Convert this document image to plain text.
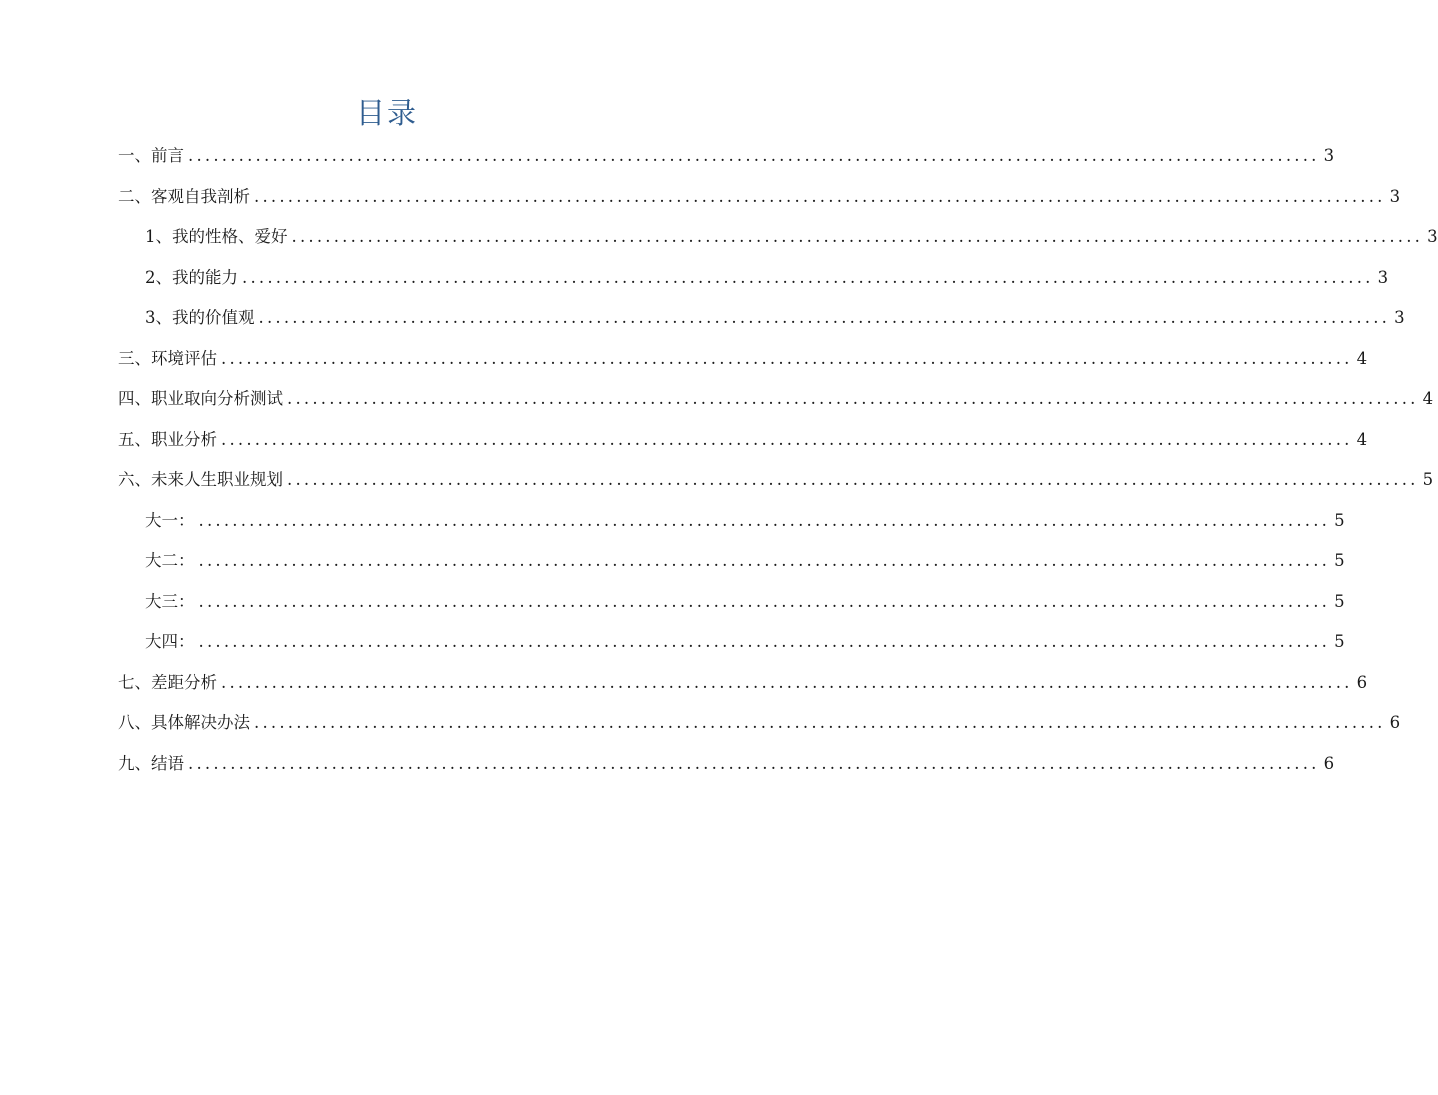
目录
一、前言 ...................................................................................................................................... 3
二、客观自我剖析 ...................................................................................................................................... 3
1、我的性格、爱好 ...................................................................................................................................... 3
2、我的能力 ...................................................................................................................................... 3
3、我的价值观 ...................................................................................................................................... 3
三、环境评估 ...................................................................................................................................... 4
四、职业取向分析测试 ...................................................................................................................................... 4
五、职业分析 ...................................................................................................................................... 4
六、未来人生职业规划 ...................................................................................................................................... 5
大一： ...................................................................................................................................... 5
大二： ...................................................................................................................................... 5
大三： ...................................................................................................................................... 5
大四： ...................................................................................................................................... 5
七、差距分析 ...................................................................................................................................... 6
八、具体解决办法 ...................................................................................................................................... 6
九、结语 ...................................................................................................................................... 6
